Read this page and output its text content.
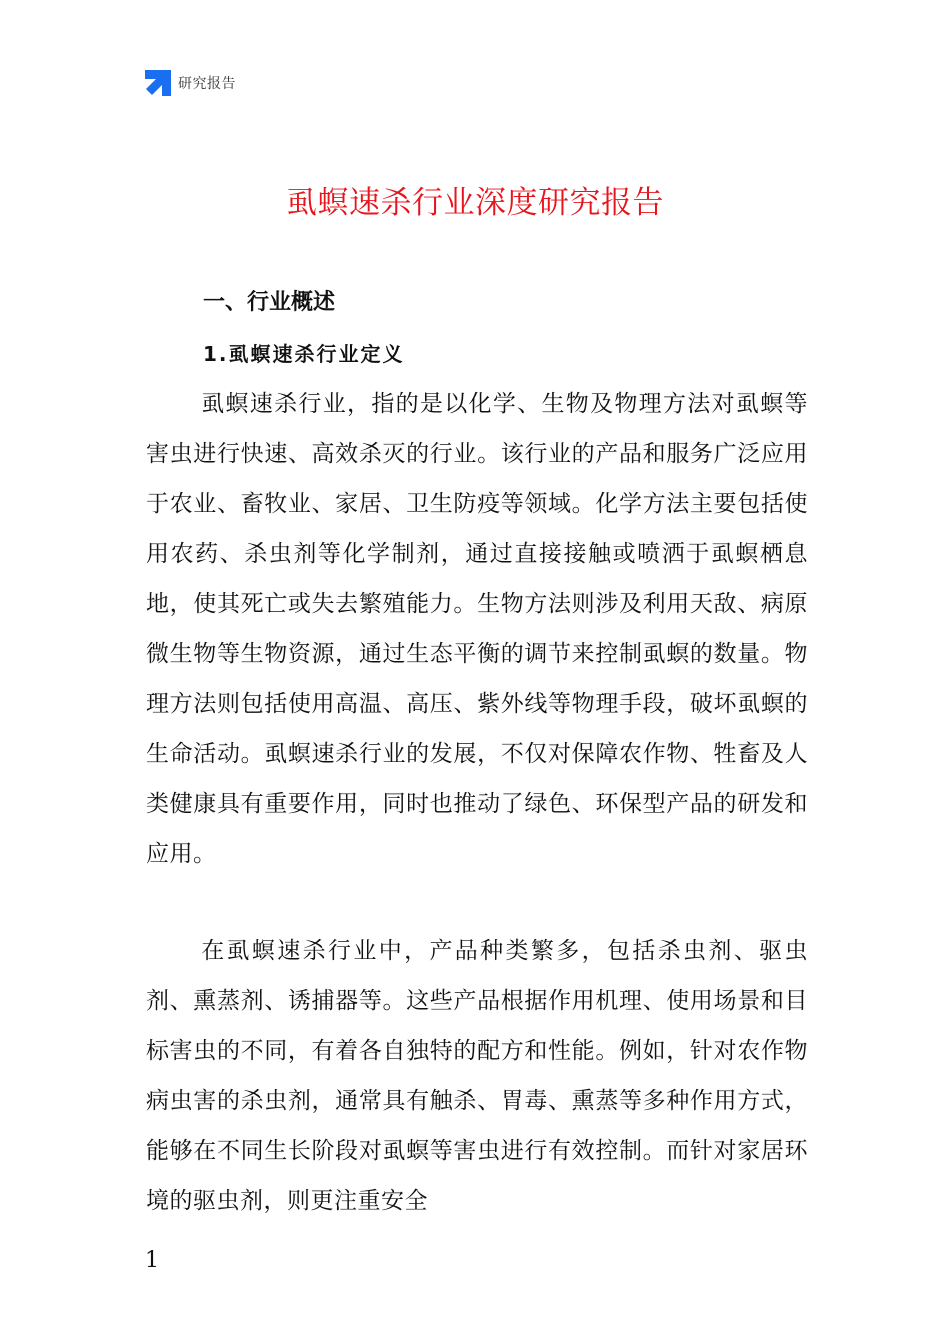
研究报告
虱螟速杀行业深度研究报告
一、行业概述
1.虱螟速杀行业定义

虱螟速杀行业，指的是以化学、生物及物理方法对虱螟等害虫进行快速、高效杀灭的行业。该行业的产品和服务广泛应用于农业、畜牧业、家居、卫生防疫等领域。化学方法主要包括使用农药、杀虫剂等化学制剂，通过直接接触或喷洒于虱螟栖息地，使其死亡或失去繁殖能力。生物方法则涉及利用天敌、病原微生物等生物资源，通过生态平衡的调节来控制虱螟的数量。物理方法则包括使用高温、高压、紫外线等物理手段，破坏虱螟的生命活动。虱螟速杀行业的发展，不仅对保障农作物、牲畜及人类健康具有重要作用，同时也推动了绿色、环保型产品的研发和应用。

在虱螟速杀行业中，产品种类繁多，包括杀虫剂、驱虫剂、熏蒸剂、诱捕器等。这些产品根据作用机理、使用场景和目标害虫的不同，有着各自独特的配方和性能。例如，针对农作物病虫害的杀虫剂，通常具有触杀、胃毒、熏蒸等多种作用方式，能够在不同生长阶段对虱螟等害虫进行有效控制。而针对家居环境的驱虫剂，则更注重安全

1
